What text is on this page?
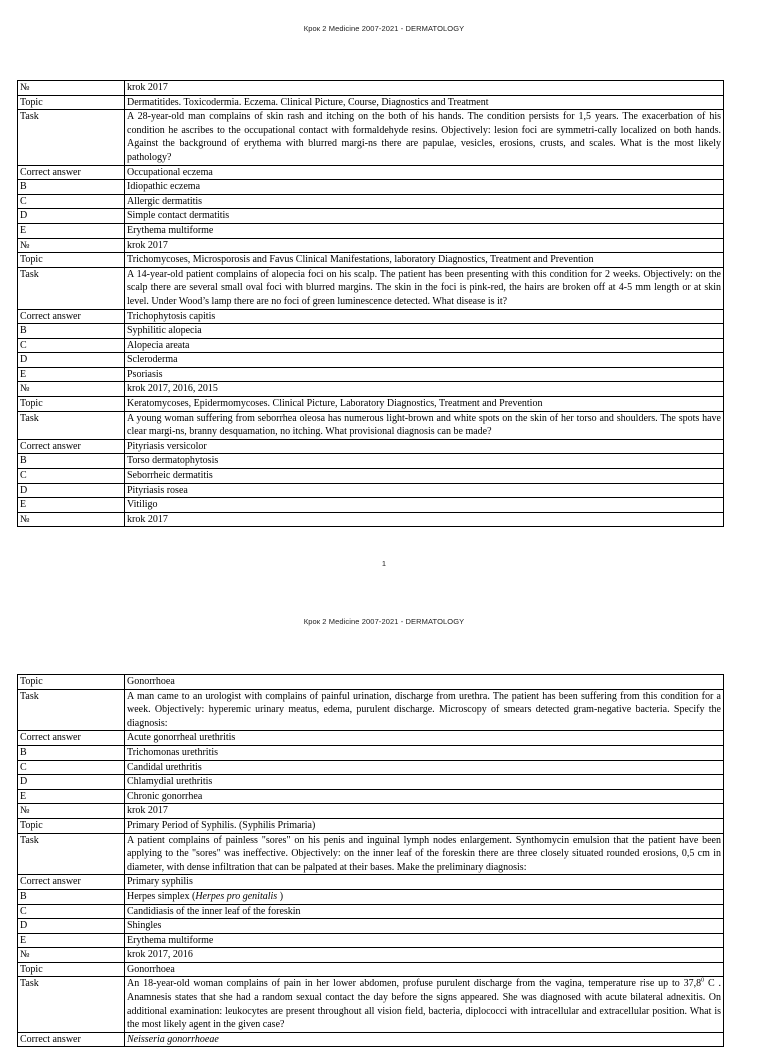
Крок 2 Medicine 2007-2021 - DERMATOLOGY
№	krok 2017
Topic	Dermatitides. Toxicodermia. Eczema. Clinical Picture, Course, Diagnostics and Treatment
Task	A 28-year-old man complains of skin rash and itching on the both of his hands. The condition persists for 1,5 years. The exacerbation of his condition he ascribes to the occupational contact with formaldehyde resins. Objectively: lesion foci are symmetri-cally localized on both hands. Against the background of erythema with blurred margi-ns there are papulae, vesicles, erosions, crusts, and scales. What is the most likely pathology?
Correct answer	Occupational eczema
B	Idiopathic eczema
C	Allergic dermatitis
D	Simple contact dermatitis
E	Erythema multiforme
№	krok 2017
Topic	Trichomycoses, Microsporosis and Favus Clinical Manifestations, laboratory Diagnostics, Treatment and Prevention
Task	A 14-year-old patient complains of alopecia foci on his scalp. The patient has been presenting with this condition for 2 weeks. Objectively: on the scalp there are several small oval foci with blurred margins. The skin in the foci is pink-red, the hairs are broken off at 4-5 mm length or at skin level. Under Wood’s lamp there are no foci of green luminescence detected. What disease is it?
Correct answer	Trichophytosis capitis
B	Syphilitic alopecia
C	Alopecia areata
D	Scleroderma
E	Psoriasis
№	krok 2017, 2016, 2015
Topic	Keratomycoses, Epidermomycoses. Clinical Picture, Laboratory Diagnostics, Treatment and Prevention
Task	A young woman suffering from seborrhea oleosa has numerous light-brown and white spots on the skin of her torso and shoulders. The spots have clear margi-ns, branny desquamation, no itching. What provisional diagnosis can be made?
Correct answer	Pityriasis versicolor
B	Torso dermatophytosis
C	Seborrheic dermatitis
D	Pityriasis rosea
E	Vitiligo
№	krok 2017
1
Крок 2 Medicine 2007-2021 - DERMATOLOGY
Topic	Gonorrhoea
Task	A man came to an urologist with complains of painful urination, discharge from urethra. The patient has been suffering from this condition for a week. Objectively: hyperemic urinary meatus, edema, purulent discharge. Microscopy of smears detected gram-negative bacteria. Specify the diagnosis:
Correct answer	Acute gonorrheal urethritis
B	Trichomonas urethritis
C	Candidal urethritis
D	Chlamydial urethritis
E	Chronic gonorrhea
№	krok 2017
Topic	Primary Period of Syphilis. (Syphilis Primaria)
Task	A patient complains of painless "sores" on his penis and inguinal lymph nodes enlargement. Synthomycin emulsion that the patient have been applying to the "sores" was ineffective. Objectively: on the inner leaf of the foreskin there are three closely situated rounded erosions, 0,5 cm in diameter, with dense infiltration that can be palpated at their bases. Make the preliminary diagnosis:
Correct answer	Primary syphilis
B	Herpes simplex (Herpes pro genitalis )
C	Candidiasis of the inner leaf of the foreskin
D	Shingles
E	Erythema multiforme
№	krok 2017, 2016
Topic	Gonorrhoea
Task	An 18-year-old woman complains of pain in her lower abdomen, profuse purulent discharge from the vagina, temperature rise up to 37,8$^0$ C . Anamnesis states that she had a random sexual contact the day before the signs appeared. She was diagnosed with acute bilateral adnexitis. On additional examination: leukocytes are present throughout all vision field, bacteria, diplococci with intracellular and extracellular position. What is the most likely agent in the given case?
Correct answer	Neisseria gonorrhoeae
